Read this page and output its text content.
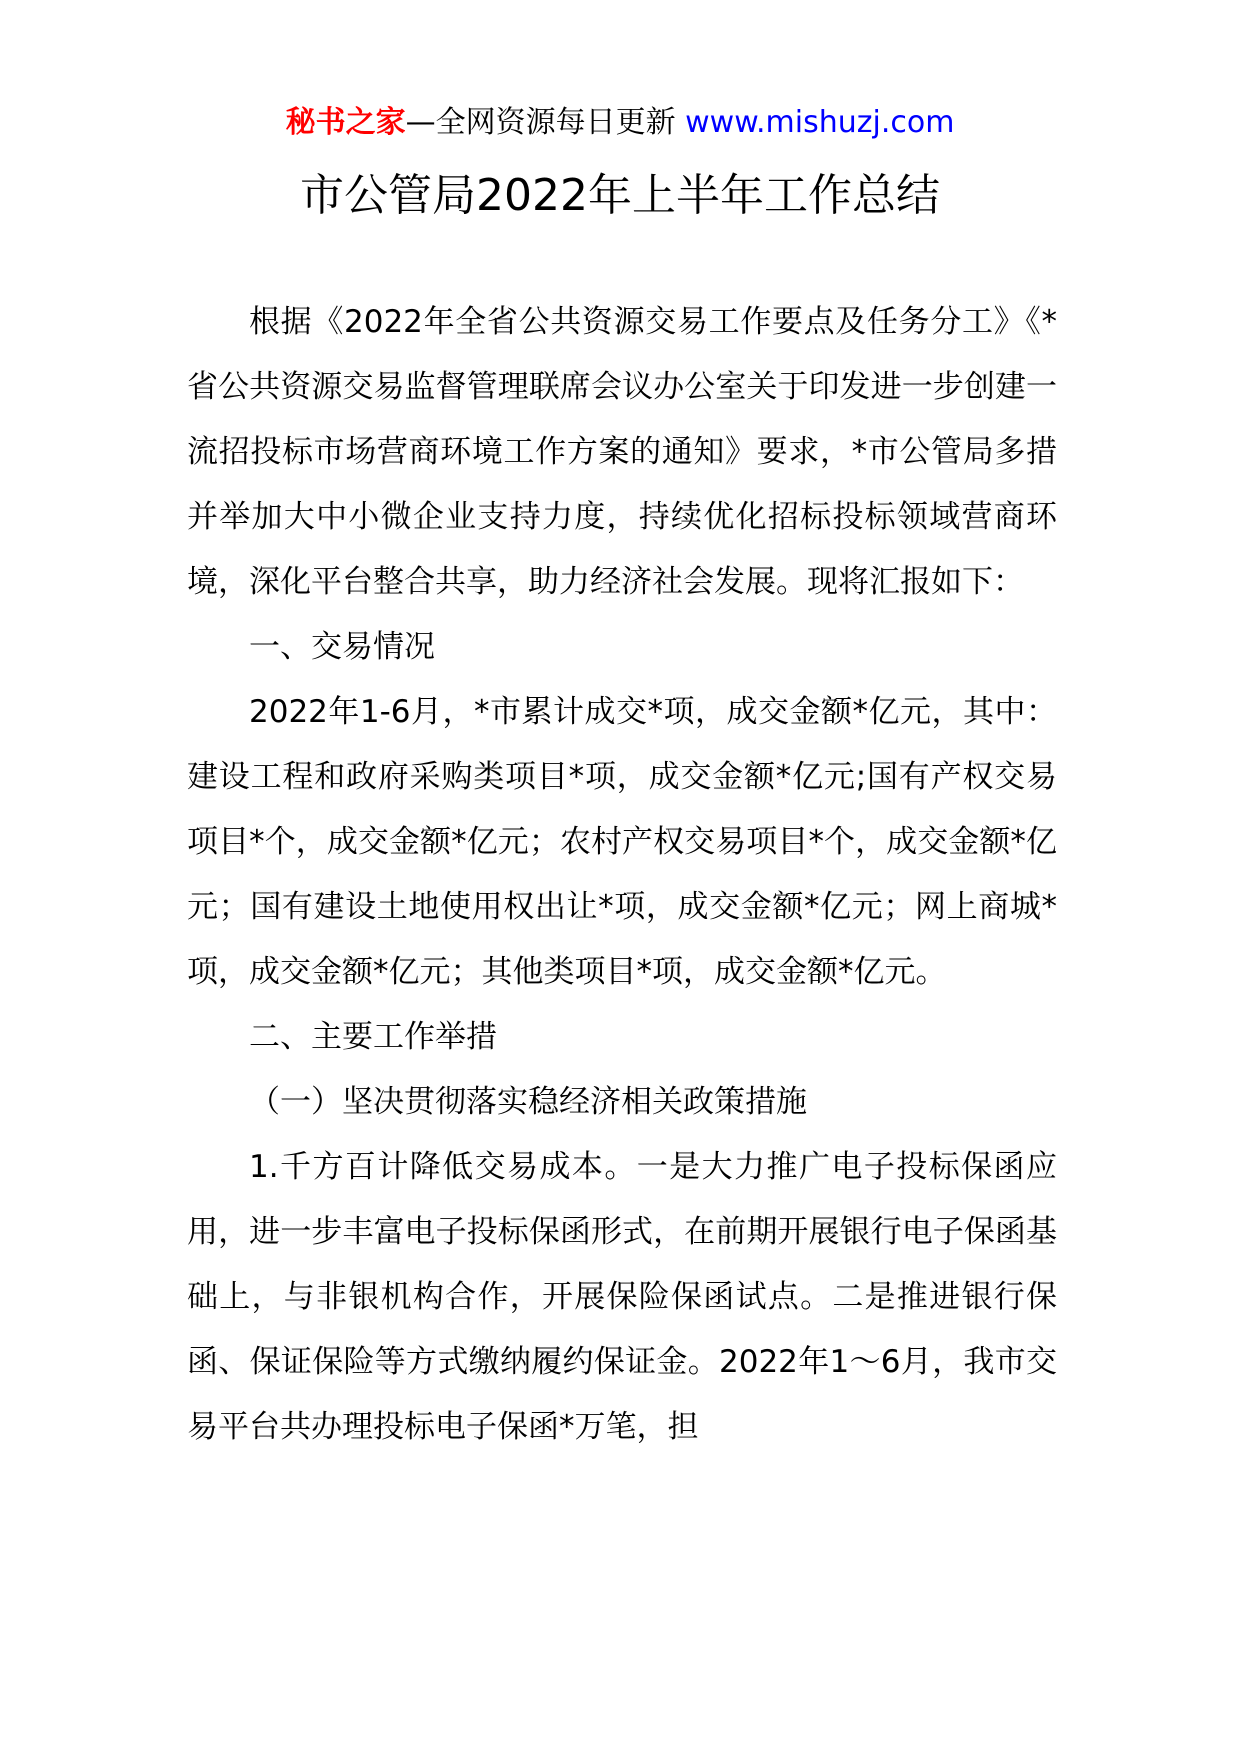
秘书之家—全网资源每日更新 www.mishuzj.com
市公管局2022年上半年工作总结

根据《2022年全省公共资源交易工作要点及任务分工》《*省公共资源交易监督管理联席会议办公室关于印发进一步创建一流招投标市场营商环境工作方案的通知》要求，*市公管局多措并举加大中小微企业支持力度，持续优化招标投标领域营商环境，深化平台整合共享，助力经济社会发展。现将汇报如下：

一、交易情况

2022年1-6月，*市累计成交*项，成交金额*亿元，其中：建设工程和政府采购类项目*项，成交金额*亿元;国有产权交易项目*个，成交金额*亿元；农村产权交易项目*个，成交金额*亿元；国有建设土地使用权出让*项，成交金额*亿元；网上商城*项，成交金额*亿元；其他类项目*项，成交金额*亿元。

二、主要工作举措

（一）坚决贯彻落实稳经济相关政策措施

1.千方百计降低交易成本。一是大力推广电子投标保函应用，进一步丰富电子投标保函形式，在前期开展银行电子保函基础上，与非银机构合作，开展保险保函试点。二是推进银行保函、保证保险等方式缴纳履约保证金。2022年1～6月，我市交易平台共办理投标电子保函*万笔，担
